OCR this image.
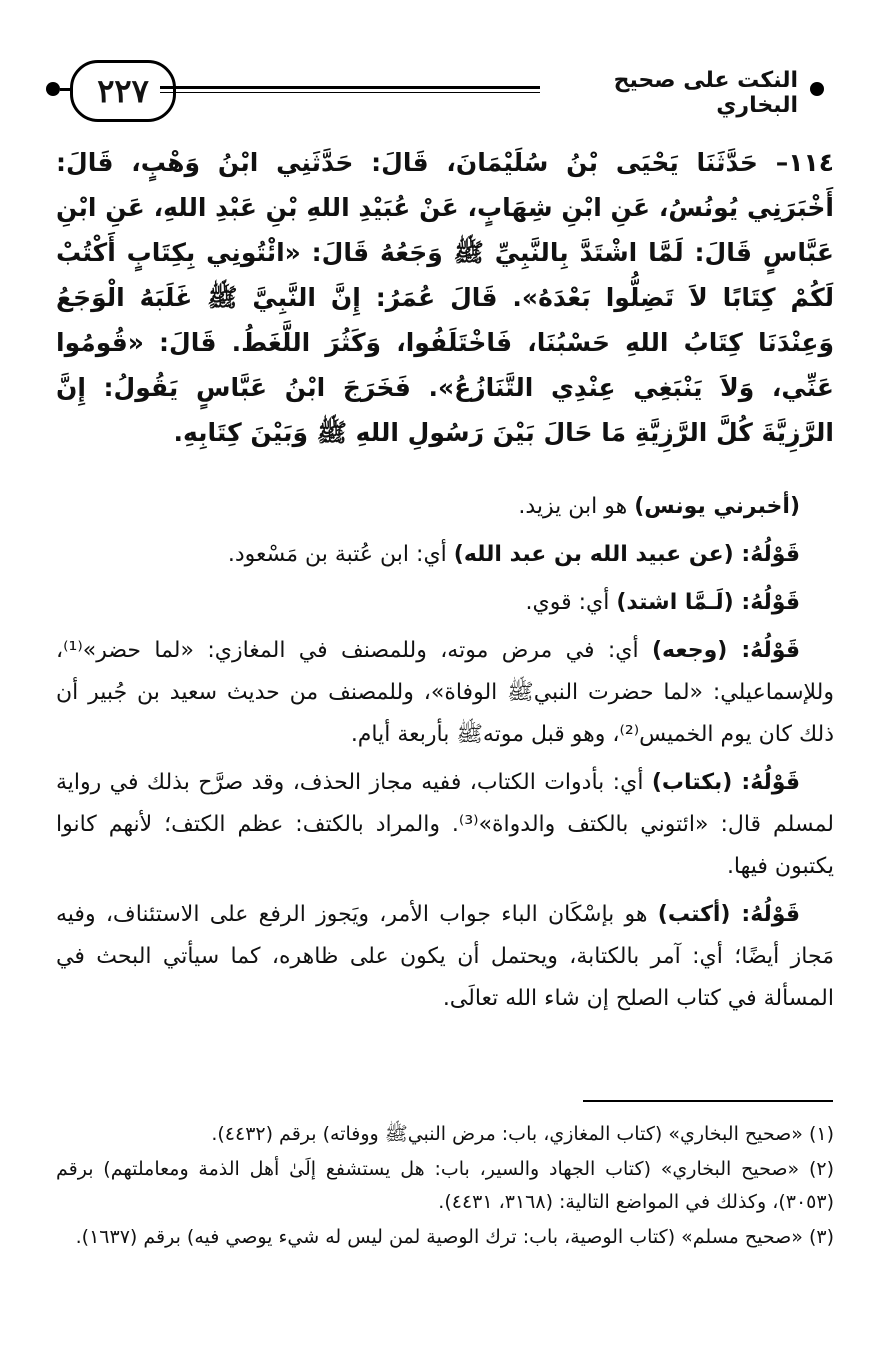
٢٢٧	النكت على صحيح البخاري
١١٤– حَدَّثَنَا يَحْيَى بْنُ سُلَيْمَانَ، قَالَ: حَدَّثَنِي ابْنُ وَهْبٍ، قَالَ: أَخْبَرَنِي يُونُسُ، عَنِ ابْنِ شِهَابٍ، عَنْ عُبَيْدِ اللهِ بْنِ عَبْدِ اللهِ، عَنِ ابْنِ عَبَّاسٍ قَالَ: لَمَّا اشْتَدَّ بِالنَّبِيِّ ﷺ وَجَعُهُ قَالَ: «ائْتُونِي بِكِتَابٍ أَكْتُبْ لَكُمْ كِتَابًا لاَ تَضِلُّوا بَعْدَهُ». قَالَ عُمَرُ: إِنَّ النَّبِيَّ ﷺ غَلَبَهُ الْوَجَعُ وَعِنْدَنَا كِتَابُ اللهِ حَسْبُنَا، فَاخْتَلَفُوا، وَكَثُرَ اللَّغَطُ. قَالَ: «قُومُوا عَنِّي، وَلاَ يَنْبَغِي عِنْدِي التَّنَازُعُ». فَخَرَجَ ابْنُ عَبَّاسٍ يَقُولُ: إِنَّ الرَّزِيَّةَ كُلَّ الرَّزِيَّةِ مَا حَالَ بَيْنَ رَسُولِ اللهِ ﷺ وَبَيْنَ كِتَابِهِ.

(أخبرني يونس) هو ابن يزيد.

قَوْلُهُ: (عن عبيد الله بن عبد الله) أي: ابن عُتبة بن مَسْعود.

قَوْلُهُ: (لَـمَّا اشتد) أي: قوي.

قَوْلُهُ: (وجعه) أي: في مرض موته، وللمصنف في المغازي: «لما حضر»⁽¹⁾، وللإسماعيلي: «لما حضرت النبيﷺ الوفاة»، وللمصنف من حديث سعيد بن جُبير أن ذلك كان يوم الخميس⁽²⁾، وهو قبل موتهﷺ بأربعة أيام.

قَوْلُهُ: (بكتاب) أي: بأدوات الكتاب، ففيه مجاز الحذف، وقد صرَّح بذلك في رواية لمسلم قال: «ائتوني بالكتف والدواة»⁽³⁾. والمراد بالكتف: عظم الكتف؛ لأنهم كانوا يكتبون فيها.

قَوْلُهُ: (أكتب) هو بإسْكَان الباء جواب الأمر، ويَجوز الرفع على الاستئناف، وفيه مَجاز أيضًا؛ أي: آمر بالكتابة، ويحتمل أن يكون على ظاهره، كما سيأتي البحث في المسألة في كتاب الصلح إن شاء الله تعالَى.

(١) «صحيح البخاري» (كتاب المغازي، باب: مرض النبيﷺ ووفاته) برقم (٤٤٣٢).

(٢) «صحيح البخاري» (كتاب الجهاد والسير، باب: هل يستشفع إلَىٰ أهل الذمة ومعاملتهم) برقم (٣٠٥٣)، وكذلك في المواضع التالية: (٣١٦٨، ٤٤٣١).

(٣) «صحيح مسلم» (كتاب الوصية، باب: ترك الوصية لمن ليس له شيء يوصي فيه) برقم (١٦٣٧).
